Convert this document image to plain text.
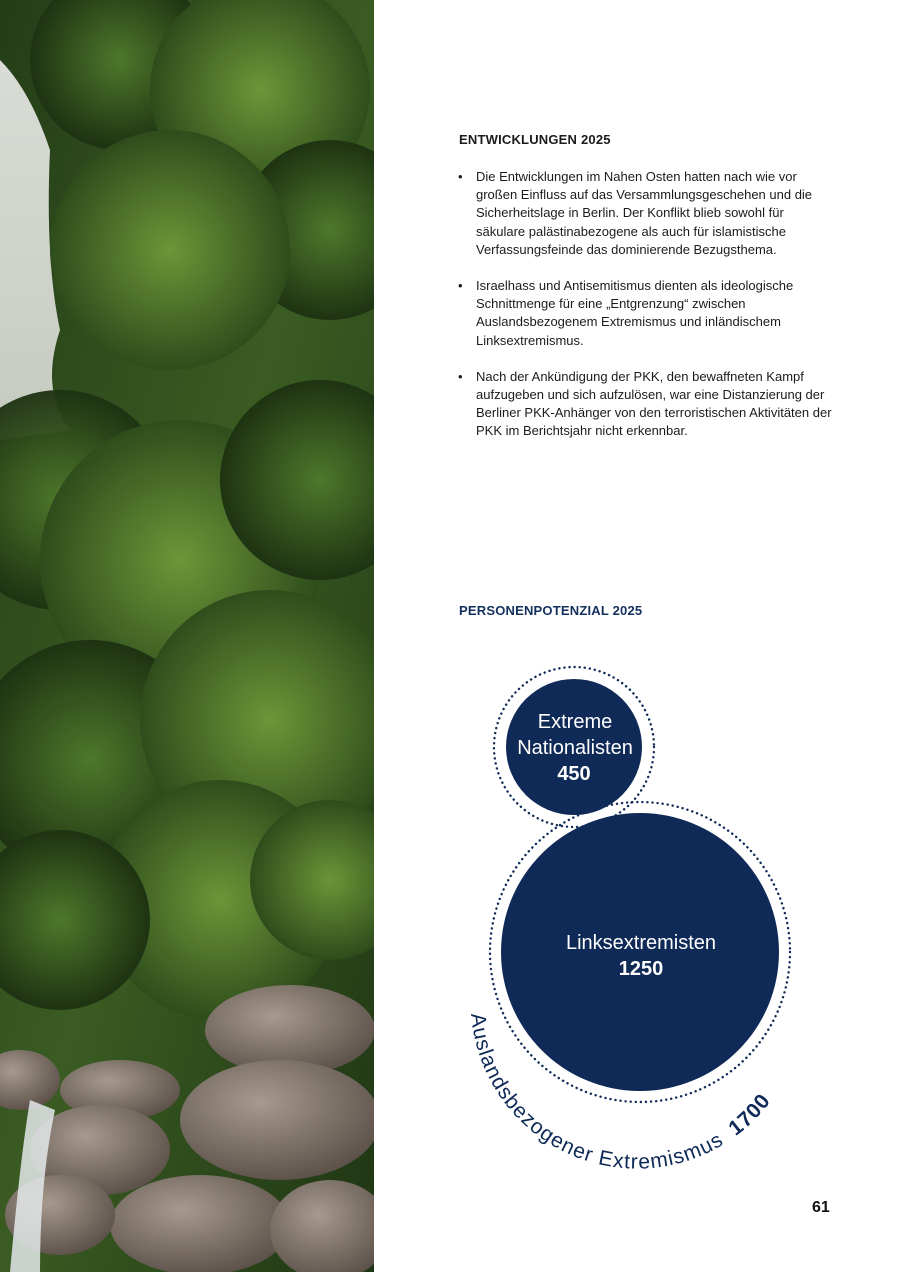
ENTWICKLUNGEN 2025
• Die Entwicklungen im Nahen Osten hatten nach wie vor großen Einfluss auf das Versammlungsgeschehen und die Sicherheitslage in Berlin. Der Konflikt blieb sowohl für säkulare palästinabezogene als auch für islamistische Verfassungsfeinde das dominierende Bezugsthema.
• Israelhass und Antisemitismus dienten als ideologische Schnittmenge für eine „Entgrenzung“ zwischen Auslandsbezogenem Extremismus und inländischem Linksextremismus.
• Nach der Ankündigung der PKK, den bewaffneten Kampf aufzugeben und sich aufzulösen, war eine Distanzierung der Berliner PKK-Anhänger von den terroristischen Aktivitäten der PKK im Berichtsjahr nicht erkennbar.
PERSONENPOTENZIAL 2025
Extreme
Nationalisten
450
Linksextremisten
1250
Auslandsbezogener Extremismus 1700
61
